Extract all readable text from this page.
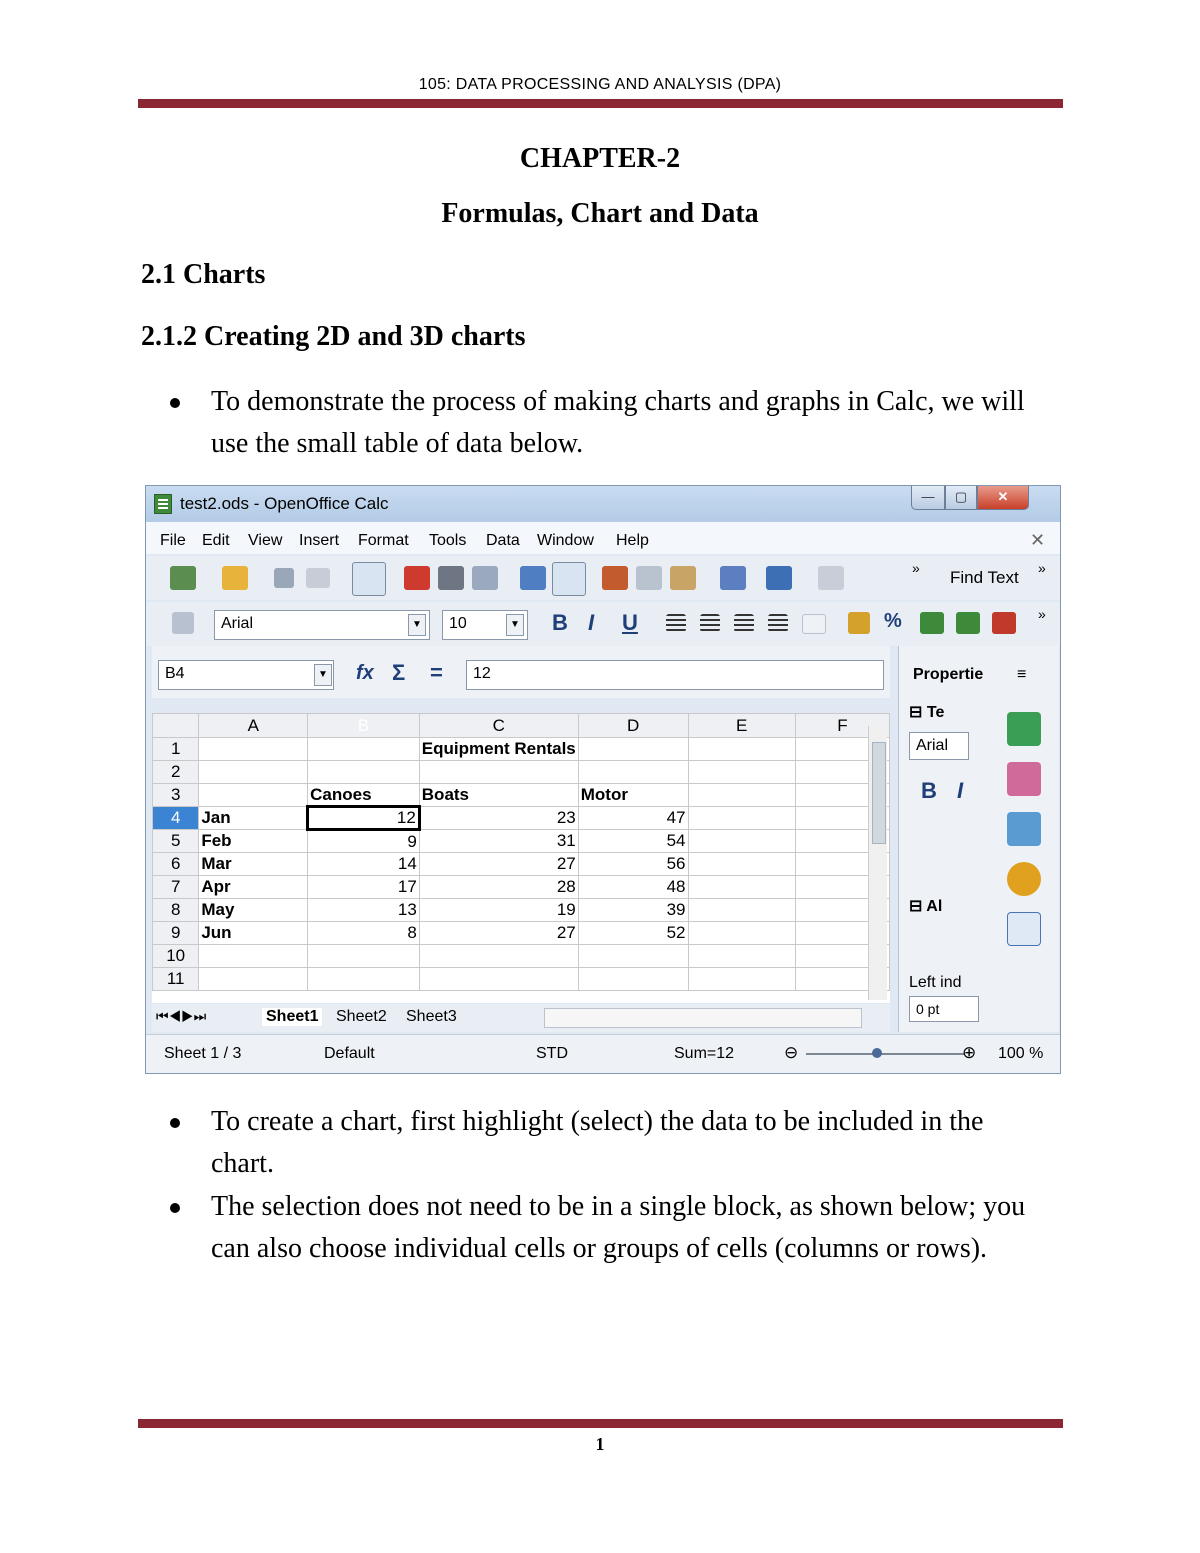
105: DATA PROCESSING AND ANALYSIS (DPA)
CHAPTER-2
Formulas, Chart and Data
2.1 Charts
2.1.2 Creating 2D and 3D charts
To demonstrate the process of making charts and graphs in Calc, we will use the small table of data below.
test2.ods - OpenOffice Calc	—	▢	✕
File Edit View Insert Format Tools Data Window Help	✕
» Find Text »
Arial	▼	10	▼ B I U	%	»
B4	▼ fx Σ =	12
	A	B	C	D	E	F
1			Equipment Rentals			
2						
3		Canoes	Boats	Motor		
4	Jan	12	23	47		
5	Feb	9	31	54		
6	Mar	14	27	56		
7	Apr	17	28	48		
8	May	13	19	39		
9	Jun	8	27	52		
10						
11						
⏮◀▶⏭	Sheet1 Sheet2 Sheet3
Propertie ≡
⊟ Te
Arial
B I
⊟ Al
Left ind
0 pt
Sheet 1 / 3	Default	STD	Sum=12	⊖	⊕ 100 %
To create a chart, first highlight (select) the data to be included in the chart.
The selection does not need to be in a single block, as shown below; you can also choose individual cells or groups of cells (columns or rows).
1
